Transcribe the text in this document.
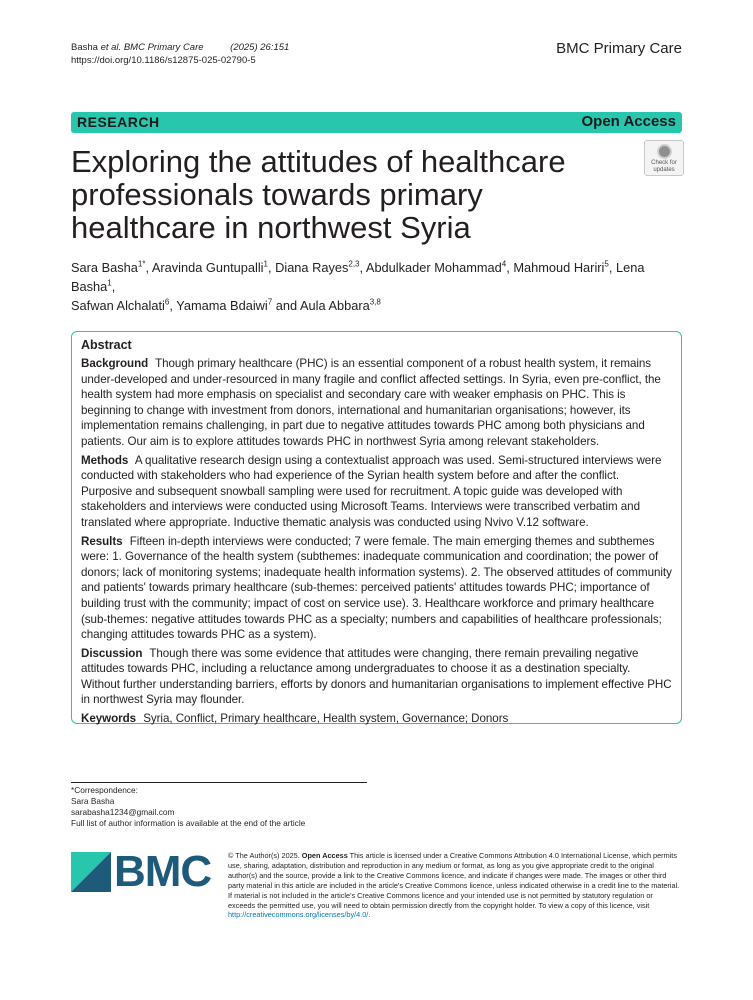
Basha et al. BMC Primary Care	(2025) 26:151
https://doi.org/10.1186/s12875-025-02790-5
BMC Primary Care
RESEARCH	Open Access
Exploring the attitudes of healthcare professionals towards primary healthcare in northwest Syria
Check for
updates
Sara Basha$^{1*}$, Aravinda Guntupalli$^1$, Diana Rayes$^{2,3}$, Abdulkader Mohammad$^4$, Mahmoud Hariri$^5$, Lena Basha$^1$,
Safwan Alchalati$^6$, Yamama Bdaiwi$^7$ and Aula Abbara$^{3,8}$
Abstract

Background Though primary healthcare (PHC) is an essential component of a robust health system, it remains under-developed and under-resourced in many fragile and conflict affected settings. In Syria, even pre-conflict, the health system had more emphasis on specialist and secondary care with weaker emphasis on PHC. This is beginning to change with investment from donors, international and humanitarian organisations; however, its implementation remains challenging, in part due to negative attitudes towards PHC among both physicians and patients. Our aim is to explore attitudes towards PHC in northwest Syria among relevant stakeholders.

Methods A qualitative research design using a contextualist approach was used. Semi-structured interviews were conducted with stakeholders who had experience of the Syrian health system before and after the conflict. Purposive and subsequent snowball sampling were used for recruitment. A topic guide was developed with stakeholders and interviews were conducted using Microsoft Teams. Interviews were transcribed verbatim and translated where appropriate. Inductive thematic analysis was conducted using Nvivo V.12 software.

Results Fifteen in-depth interviews were conducted; 7 were female. The main emerging themes and subthemes were: 1. Governance of the health system (subthemes: inadequate communication and coordination; the power of donors; lack of monitoring systems; inadequate health information systems). 2. The observed attitudes of community and patients' towards primary healthcare (sub-themes: perceived patients' attitudes towards PHC; importance of building trust with the community; impact of cost on service use). 3. Healthcare workforce and primary healthcare (sub-themes: negative attitudes towards PHC as a specialty; numbers and capabilities of healthcare professionals; changing attitudes towards PHC as a system).

Discussion Though there was some evidence that attitudes were changing, there remain prevailing negative attitudes towards PHC, including a reluctance among undergraduates to choose it as a destination specialty. Without further understanding barriers, efforts by donors and humanitarian organisations to implement effective PHC in northwest Syria may flounder.

Keywords Syria, Conflict, Primary healthcare, Health system, Governance; Donors

*Correspondence:
Sara Basha
sarabasha1234@gmail.com
Full list of author information is available at the end of the article
BMC © The Author(s) 2025. Open Access This article is licensed under a Creative Commons Attribution 4.0 International License, which permits use, sharing, adaptation, distribution and reproduction in any medium or format, as long as you give appropriate credit to the original author(s) and the source, provide a link to the Creative Commons licence, and indicate if changes were made. The images or other third party material in this article are included in the article's Creative Commons licence, unless indicated otherwise in a credit line to the material. If material is not included in the article's Creative Commons licence and your intended use is not permitted by statutory regulation or exceeds the permitted use, you will need to obtain permission directly from the copyright holder. To view a copy of this licence, visit http://creativecommons.org/licenses/by/4.0/.
